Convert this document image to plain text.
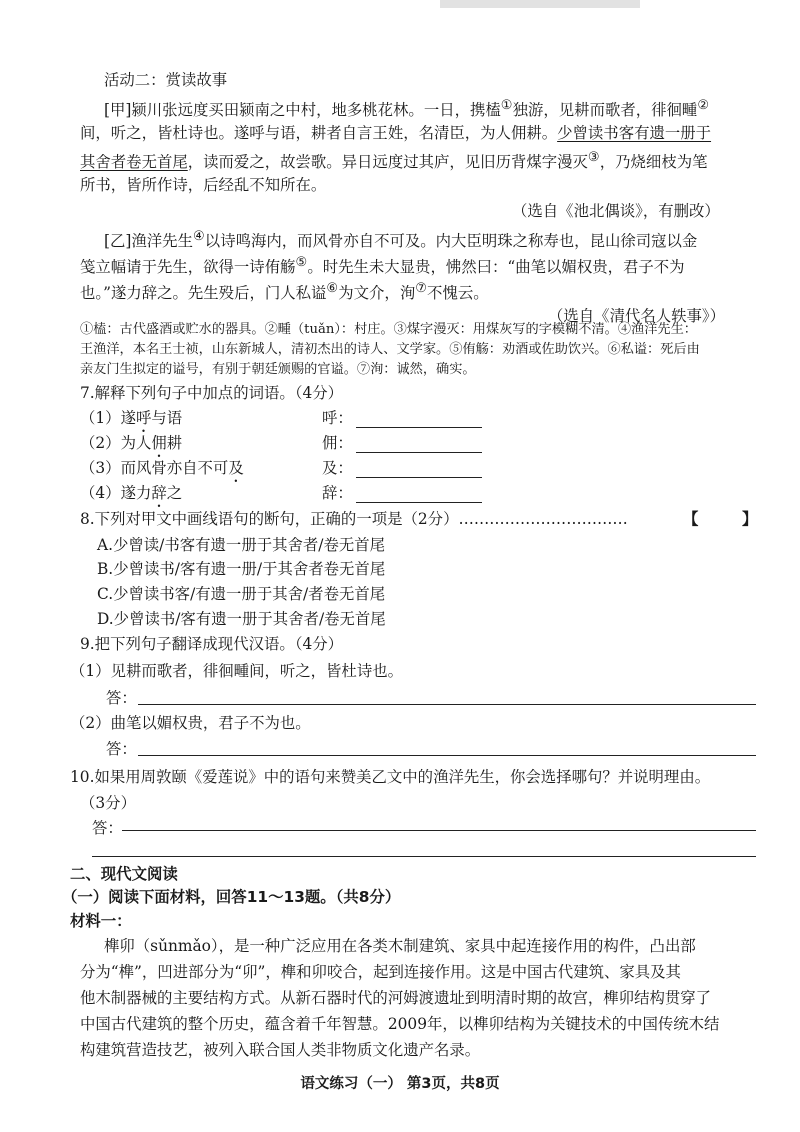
活动二：赏读故事
[甲]颍川张远度买田颍南之中村，地多桃花林。一日，携榼①独游，见耕而歌者，徘徊畽②
间，听之，皆杜诗也。遂呼与语，耕者自言王姓，名清臣，为人佣耕。少曾读书客有遗一册于
其舍者卷无首尾，读而爱之，故尝歌。异日远度过其庐，见旧历背煤字漫灭③，乃烧细枝为笔
所书，皆所作诗，后经乱不知所在。
（选自《池北偶谈》，有删改）
[乙]渔洋先生④以诗鸣海内，而风骨亦自不可及。内大臣明珠之称寿也，昆山徐司寇以金
笺立幅请于先生，欲得一诗侑觞⑤。时先生未大显贵，怫然曰：“曲笔以媚权贵，君子不为
也。”遂力辞之。先生殁后，门人私谥⑥为文介，洵⑦不愧云。
（选自《清代名人轶事》）
①榼：古代盛酒或贮水的器具。②畽（tuǎn）：村庄。③煤字漫灭：用煤灰写的字模糊不清。④渔洋先生：
王渔洋，本名王士祯，山东新城人，清初杰出的诗人、文学家。⑤侑觞：劝酒或佐助饮兴。⑥私谥：死后由
亲友门生拟定的谥号，有别于朝廷颁赐的官谥。⑦洵：诚然，确实。
7.解释下列句子中加点的词语。（4分）
（1）遂呼与语	呼：
（2）为人佣耕	佣：
（3）而风骨亦自不可及	及：
（4）遂力辞之	辞：
8.下列对甲文中画线语句的断句，正确的一项是（2分）……………………………	【	】
A.少曾读/书客有遗一册于其舍者/卷无首尾
B.少曾读书/客有遗一册/于其舍者卷无首尾
C.少曾读书客/有遗一册于其舍/者卷无首尾
D.少曾读书/客有遗一册于其舍者/卷无首尾
9.把下列句子翻译成现代汉语。（4分）
（1）见耕而歌者，徘徊畽间，听之，皆杜诗也。
答：
（2）曲笔以媚权贵，君子不为也。
答：
10.如果用周敦颐《爱莲说》中的语句来赞美乙文中的渔洋先生，你会选择哪句？并说明理由。
（3分）
答：
二、现代文阅读
（一）阅读下面材料，回答11～13题。（共8分）
材料一：
榫卯（sǔnmǎo），是一种广泛应用在各类木制建筑、家具中起连接作用的构件，凸出部
分为“榫”，凹进部分为“卯”，榫和卯咬合，起到连接作用。这是中国古代建筑、家具及其
他木制器械的主要结构方式。从新石器时代的河姆渡遗址到明清时期的故宫，榫卯结构贯穿了
中国古代建筑的整个历史，蕴含着千年智慧。2009年，以榫卯结构为关键技术的中国传统木结
构建筑营造技艺，被列入联合国人类非物质文化遗产名录。
语文练习（一） 第3页，共8页
